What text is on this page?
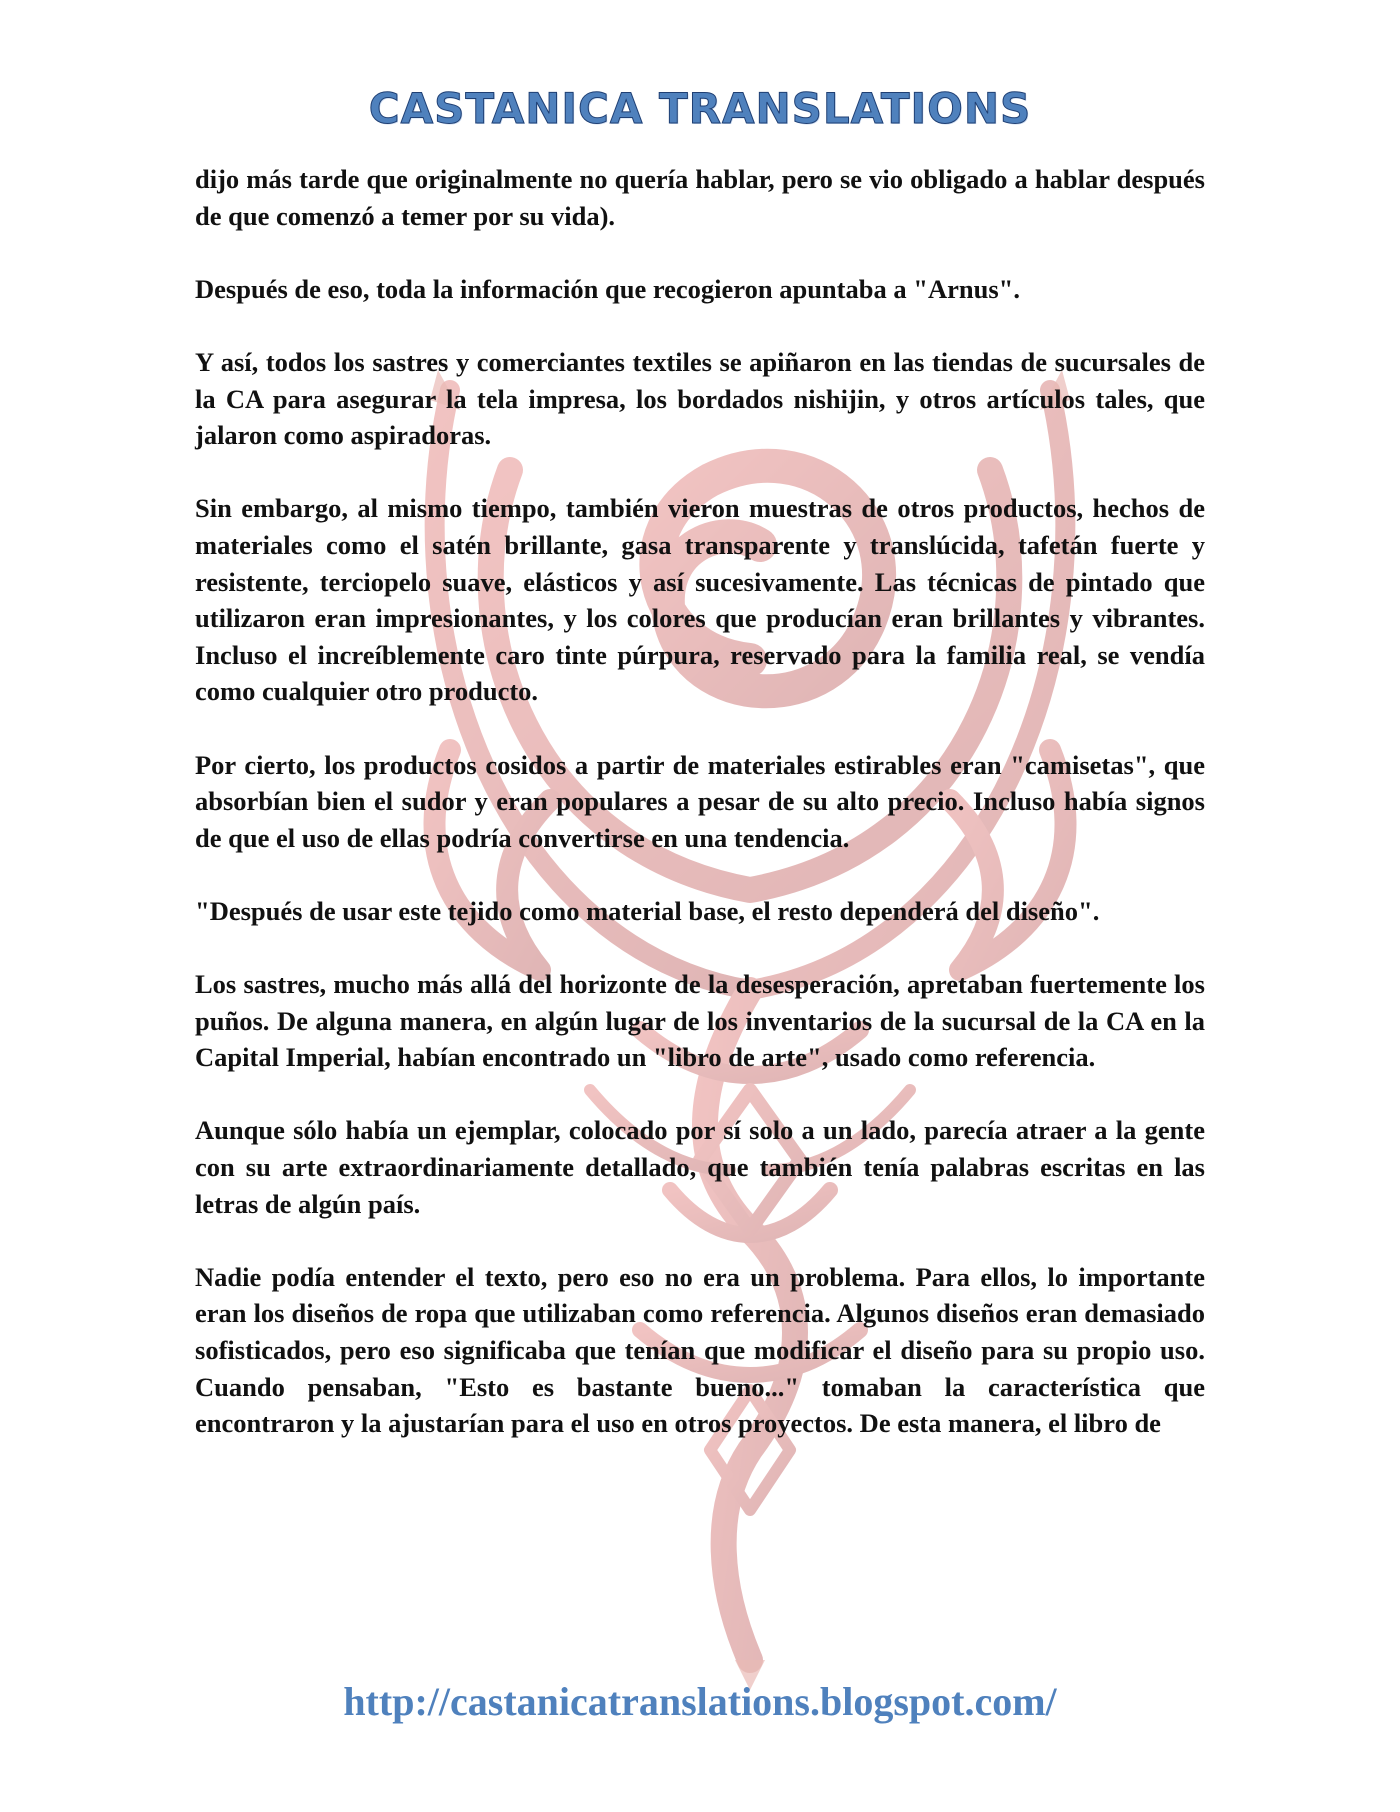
CASTANICA TRANSLATIONS

dijo más tarde que originalmente no quería hablar, pero se vio obligado a hablar después de que comenzó a temer por su vida).

Después de eso, toda la información que recogieron apuntaba a "Arnus".

Y así, todos los sastres y comerciantes textiles se apiñaron en las tiendas de sucursales de la CA para asegurar la tela impresa, los bordados nishijin, y otros artículos tales, que jalaron como aspiradoras.

Sin embargo, al mismo tiempo, también vieron muestras de otros productos, hechos de materiales como el satén brillante, gasa transparente y translúcida, tafetán fuerte y resistente, terciopelo suave, elásticos y así sucesivamente. Las técnicas de pintado que utilizaron eran impresionantes, y los colores que producían eran brillantes y vibrantes. Incluso el increíblemente caro tinte púrpura, reservado para la familia real, se vendía como cualquier otro producto.

Por cierto, los productos cosidos a partir de materiales estirables eran "camisetas", que absorbían bien el sudor y eran populares a pesar de su alto precio. Incluso había signos de que el uso de ellas podría convertirse en una tendencia.

"Después de usar este tejido como material base, el resto dependerá del diseño".

Los sastres, mucho más allá del horizonte de la desesperación, apretaban fuertemente los puños. De alguna manera, en algún lugar de los inventarios de la sucursal de la CA en la Capital Imperial, habían encontrado un "libro de arte", usado como referencia.

Aunque sólo había un ejemplar, colocado por sí solo a un lado, parecía atraer a la gente con su arte extraordinariamente detallado, que también tenía palabras escritas en las letras de algún país.

Nadie podía entender el texto, pero eso no era un problema. Para ellos, lo importante eran los diseños de ropa que utilizaban como referencia. Algunos diseños eran demasiado sofisticados, pero eso significaba que tenían que modificar el diseño para su propio uso. Cuando pensaban, "Esto es bastante bueno..." tomaban la característica que encontraron y la ajustarían para el uso en otros proyectos. De esta manera, el libro de

http://castanicatranslations.blogspot.com/
